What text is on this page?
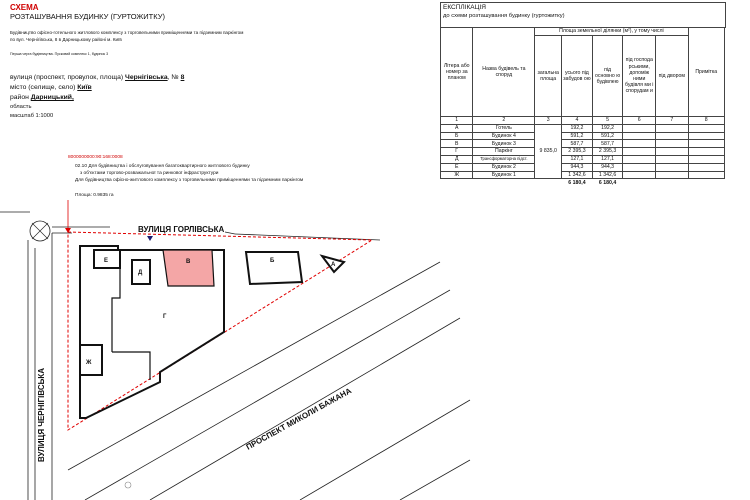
СХЕМА
РОЗТАШУВАННЯ БУДИНКУ (ГУРТОЖИТКУ)
Будівництво офісно-готельного житлового комплексу з торговельними приміщеннями та підземним паркінгом
по вул. Чернігівська, 8 в Дарницькому районі м. Київ
Перша черга будівництва. Пусковий комплекс 1, будинок 3
вулиця (проспект, провулок, площа) Чернігівська, № 8
місто (селище, село) Київ
район Дарницький,
область
масштаб 1:1000
8000000000:90:168:0008
02.10 Для будівництва і обслуговування багатоквартирного житлового будинку
з об'єктами торгово-розважальної та ринкової інфраструктури
Для будівництва офісно-житлового комплексу з торговельними приміщеннями та підземним паркінгом
Площа: 0.9835 га
Е
Д
В
Г
Б
А
Ж
ВУЛИЦЯ ГОРЛІВСЬКА
ВУЛИЦЯ ЧЕРНІГІВСЬКА	ПРОСПЕКТ МИКОЛИ БАЖАНА
ЕКСПЛІКАЦІЯ
до схеми розташування будинку (гуртожитку)
Літера або номер за планом	Назва будівель та споруд	Площа земельної ділянки (м²), у тому числі					Примітка
		загальна площа	усього під забудов ою	під основно ю будівлею	під господа рськими, допоміж ними будівля ми і спорудам и	під двором	
1	2	3	4	5	6	7	8
А	Готель	9 835,0	192,2	192,2			
Б	Будинок 4		591,2	591,2			
В	Будинок 3		587,7	587,7			
Г	Паркінг		2 395,3	2 395,3			
Д	Трансформаторна підст.		127,1	127,1			
Е	Будинок 2		944,3	944,3			
Ж	Будинок 1		1 342,6	1 342,6			
			6 180,4	6 180,4			
